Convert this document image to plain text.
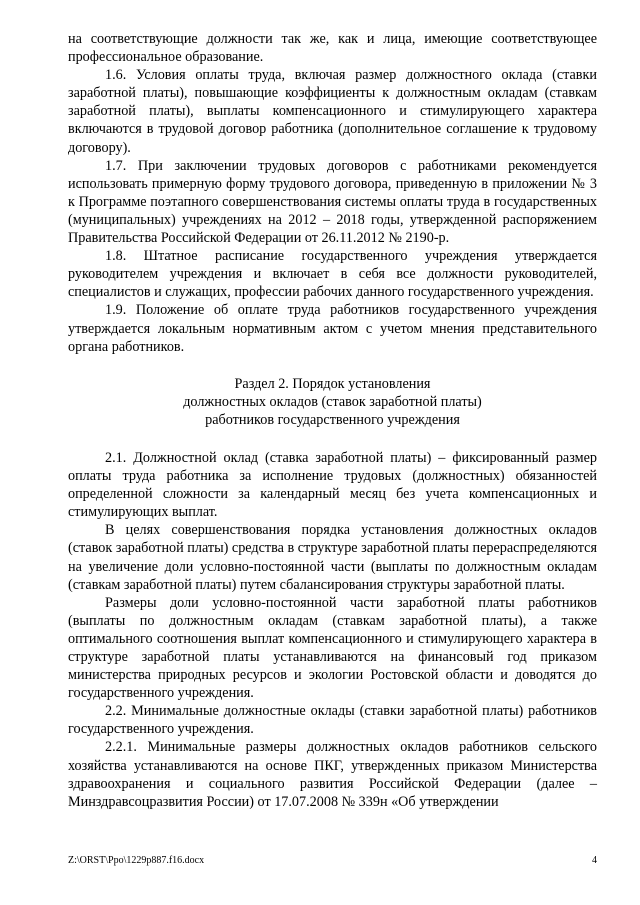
на соответствующие должности так же, как и лица, имеющие соответствующее профессиональное образование.

1.6. Условия оплаты труда, включая размер должностного оклада (ставки заработной платы), повышающие коэффициенты к должностным окладам (ставкам заработной платы), выплаты компенсационного и стимулирующего характера включаются в трудовой договор работника (дополнительное соглашение к трудовому договору).

1.7. При заключении трудовых договоров с работниками рекомендуется использовать примерную форму трудового договора, приведенную в приложении № 3 к Программе поэтапного совершенствования системы оплаты труда в государственных (муниципальных) учреждениях на 2012 – 2018 годы, утвержденной распоряжением Правительства Российской Федерации от 26.11.2012 № 2190-р.

1.8. Штатное расписание государственного учреждения утверждается руководителем учреждения и включает в себя все должности руководителей, специалистов и служащих, профессии рабочих данного государственного учреждения.

1.9. Положение об оплате труда работников государственного учреждения утверждается локальным нормативным актом с учетом мнения представительного органа работников.

Раздел 2. Порядок установления
должностных окладов (ставок заработной платы)
работников государственного учреждения

2.1. Должностной оклад (ставка заработной платы) – фиксированный размер оплаты труда работника за исполнение трудовых (должностных) обязанностей определенной сложности за календарный месяц без учета компенсационных и стимулирующих выплат.

В целях совершенствования порядка установления должностных окладов (ставок заработной платы) средства в структуре заработной платы перераспределяются на увеличение доли условно-постоянной части (выплаты по должностным окладам (ставкам заработной платы) путем сбалансирования структуры заработной платы.

Размеры доли условно-постоянной части заработной платы работников (выплаты по должностным окладам (ставкам заработной платы), а также оптимального соотношения выплат компенсационного и стимулирующего характера в структуре заработной платы устанавливаются на финансовый год приказом министерства природных ресурсов и экологии Ростовской области и доводятся до государственного учреждения.

2.2. Минимальные должностные оклады (ставки заработной платы) работников государственного учреждения.

2.2.1. Минимальные размеры должностных окладов работников сельского хозяйства устанавливаются на основе ПКГ, утвержденных приказом Министерства здравоохранения и социального развития Российской Федерации (далее – Минздравсоцразвития России) от 17.07.2008 № 339н «Об утверждении

Z:\ORST\Ppo\1229p887.f16.docx	4
